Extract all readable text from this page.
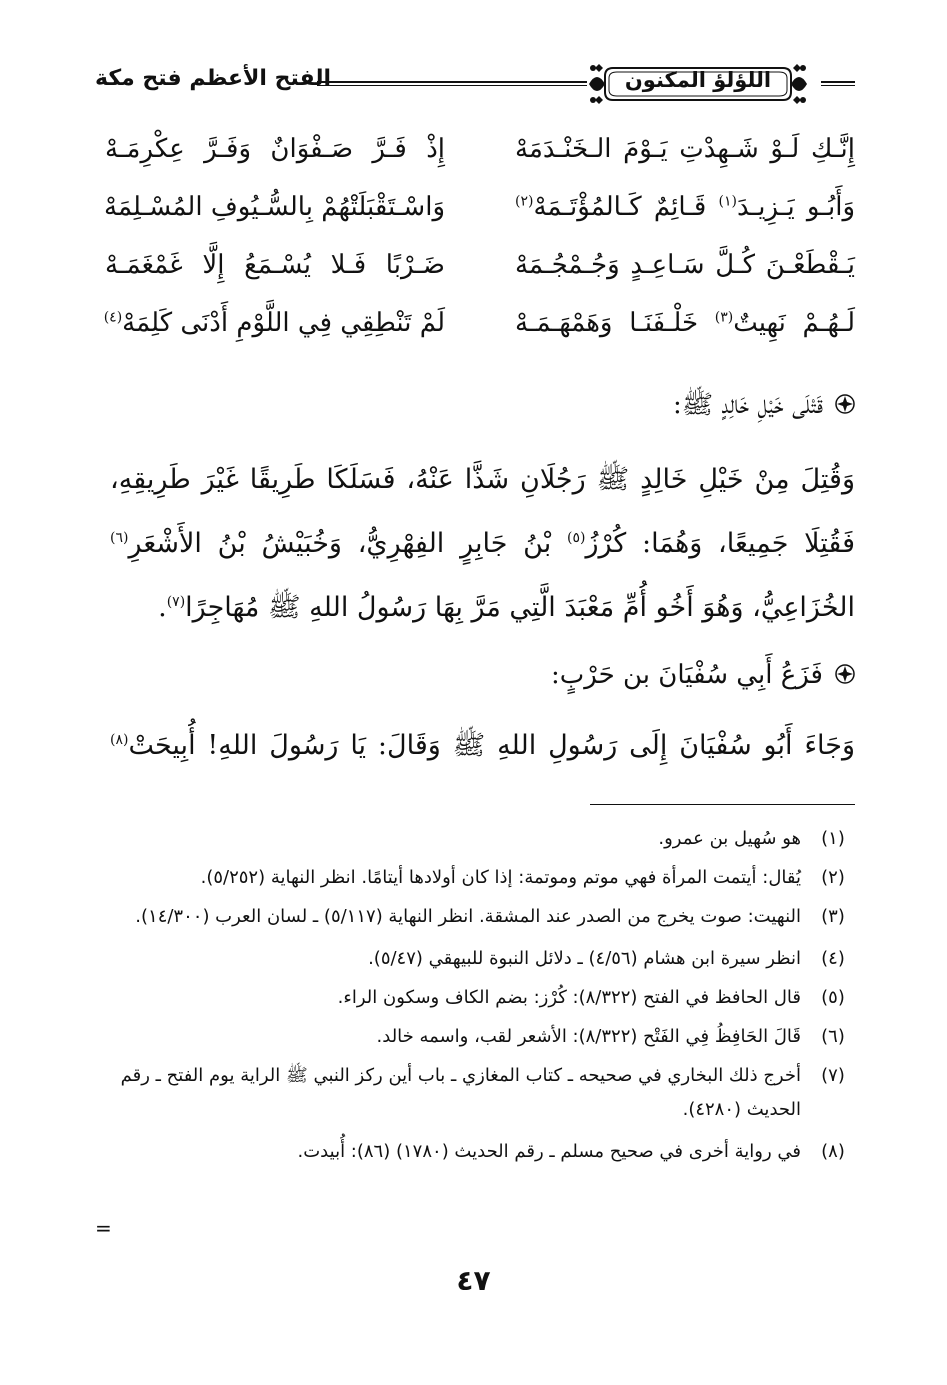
اللؤلؤ المكنون
الفتح الأعظم فتح مكة
إِنَّـكِ لَـوْ شَـهِدْتِ يَـوْمَ الـخَنْـدَمَهْ
إِذْ فَـرَّ صَـفْوَانٌ وَفَـرَّ عِكْرِمَـهْ
وَأَبُـو يَـزِيـدَ$^{(١)}$ قَـائِمٌ كَـالمُؤْتَـمَهْ$^{(٢)}$
وَاسْـتَقْبَلَتْهُمْ بِالسُّـيُوفِ المُسْـلِمَهْ
يَـقْطَعْـنَ كُـلَّ سَـاعِـدٍ وَجُـمْجُـمَهْ
ضَـرْبًا فَـلا يُسْـمَعُ إِلَّا غَمْغَمَـهْ
لَـهُـمْ نَهِيتٌ$^{(٣)}$ خَلْـفَنَـا وَهَمْهَـمَـهْ
لَمْ تَنْطِقِي فِي اللَّوْمِ أَدْنَى كَلِمَهْ$^{(٤)}$
قَتْلَى خَيْلِ خَالِدٍ ﷺ:
وَقُتِلَ مِنْ خَيْلِ خَالِدٍ ﷺ رَجُلَانِ شَذَّا عَنْهُ، فَسَلَكَا طَرِيقًا غَيْرَ طَرِيقِهِ،
فَقُتِلَا جَمِيعًا، وَهُمَا: كُرْزُ$^{(٥)}$ بْنُ جَابِرٍ الفِهْرِيُّ، وَخُبَيْشُ بْنُ الأَشْعَرِ$^{(٦)}$
الخُزَاعِيُّ، وَهُوَ أَخُو أُمِّ مَعْبَدَ الَّتِي مَرَّ بِهَا رَسُولُ اللهِ ﷺ مُهَاجِرًا$^{(٧)}$.
فَزَعُ أَبِي سُفْيَانَ بن حَرْبٍ:
وَجَاءَ أَبُو سُفْيَانَ إِلَى رَسُولِ اللهِ ﷺ وَقَالَ: يَا رَسُولَ اللهِ! أُبِيحَتْ$^{(٨)}$
(١)
هو سُهيل بن عمرو.
(٢)
يُقال: أيتمت المرأة فهي موتم وموتمة: إذا كان أولادها أيتامًا. انظر النهاية (٥/٢٥٢).
(٣)
النهيت: صوت يخرج من الصدر عند المشقة. انظر النهاية (٥/١١٧) ـ لسان العرب (١٤/٣٠٠).
(٤)
انظر سيرة ابن هشام (٤/٥٦) ـ دلائل النبوة للبيهقي (٥/٤٧).
(٥)
قال الحافظ في الفتح (٨/٣٢٢): كُرْز: بضم الكاف وسكون الراء.
(٦)
قَالَ الحَافِظُ فِي الفَتْح (٨/٣٢٢): الأشعر لقب، واسمه خالد.
(٧)
أخرج ذلك البخاري في صحيحه ـ كتاب المغازي ـ باب أين ركز النبي ﷺ الراية يوم الفتح ـ رقم الحديث (٤٢٨٠).
(٨)
في رواية أخرى في صحيح مسلم ـ رقم الحديث (١٧٨٠) (٨٦): أُبيدت.
=
٤٧
